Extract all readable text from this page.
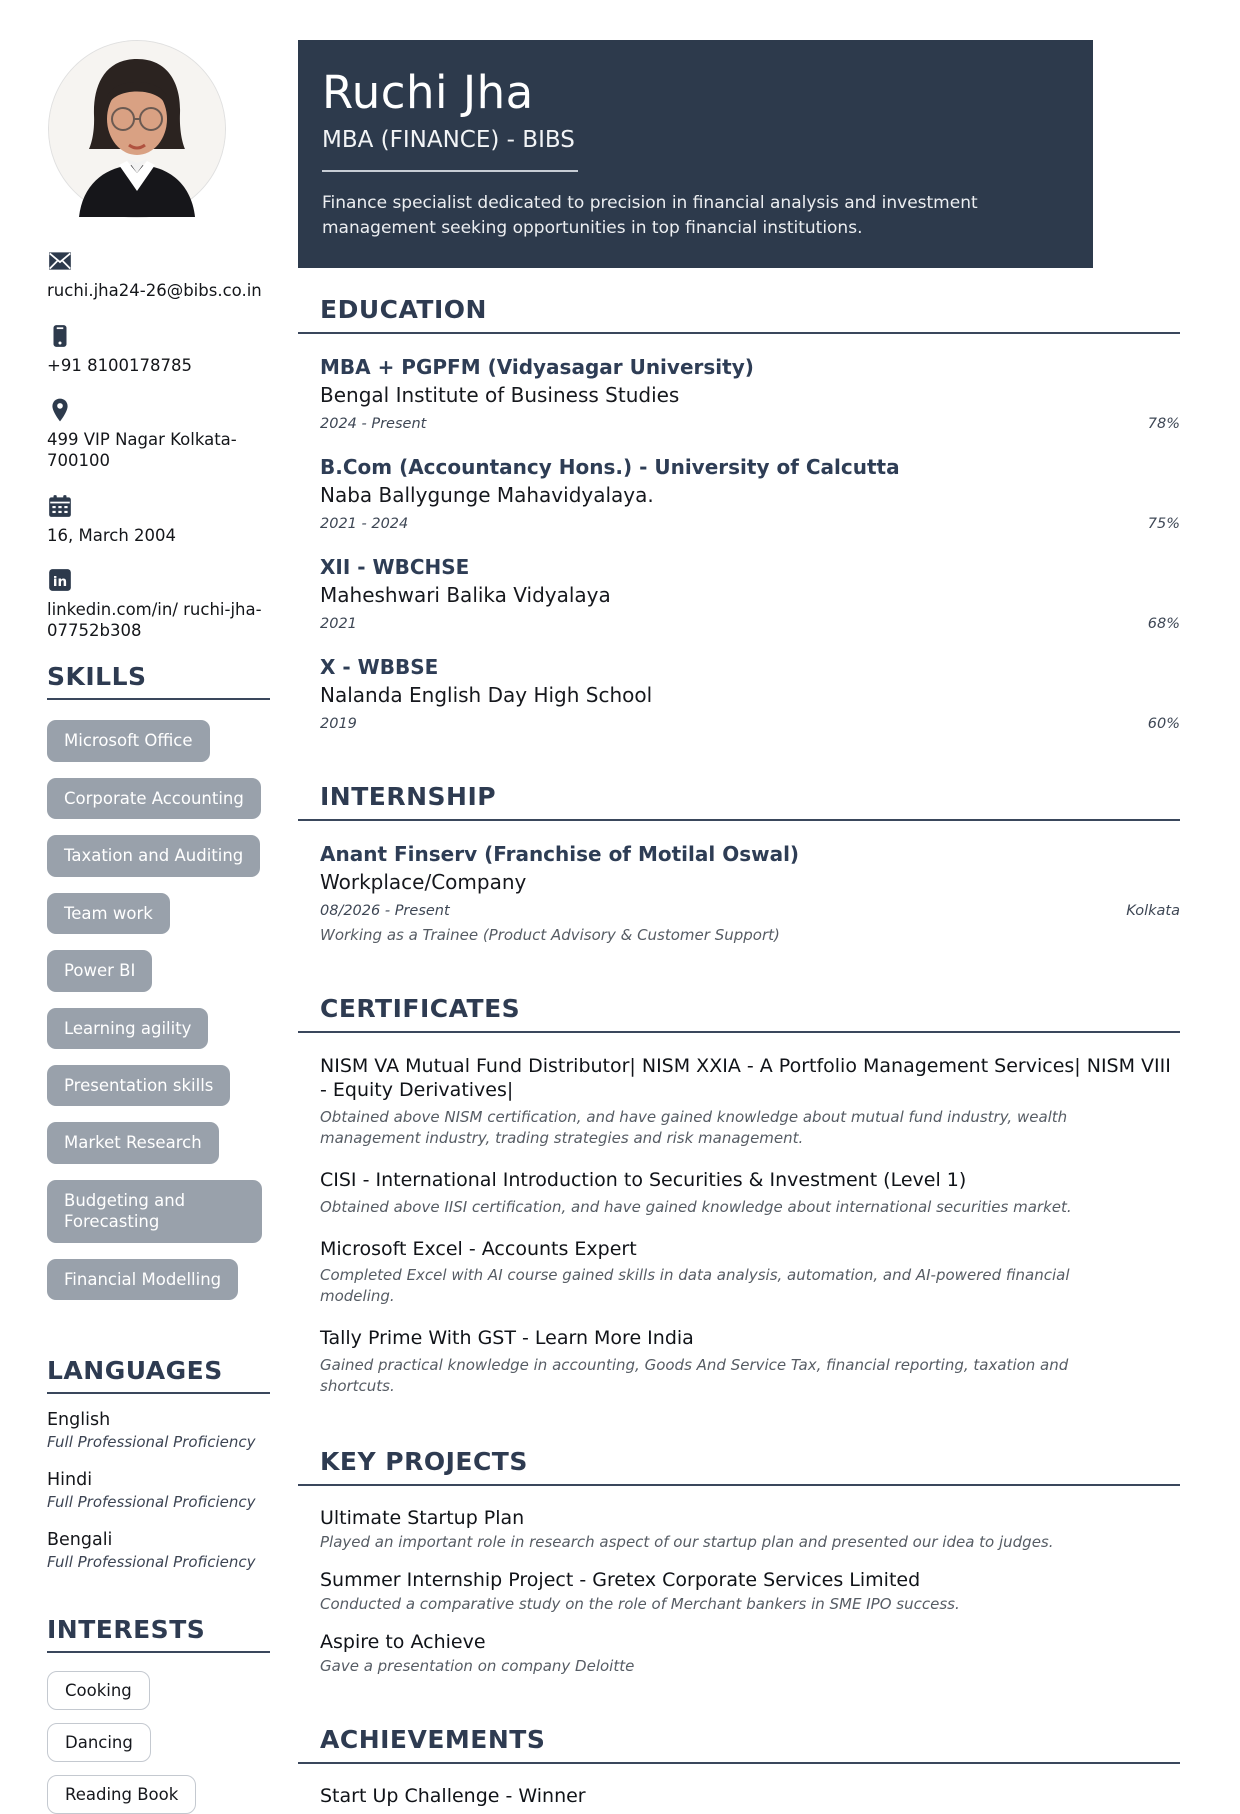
ruchi.jha24-26@bibs.co.in
+91 8100178785
499 VIP Nagar Kolkata-700100
16, March 2004
in
linkedin.com/in/ ruchi-jha-07752b308
SKILLS
Microsoft Office
Corporate Accounting
Taxation and Auditing
Team work
Power BI
Learning agility
Presentation skills
Market Research
Budgeting and Forecasting
Financial Modelling
LANGUAGES
English
Full Professional Proficiency
Hindi
Full Professional Proficiency
Bengali
Full Professional Proficiency
INTERESTS
Cooking
Dancing
Reading Book
Ruchi Jha
MBA (FINANCE) - BIBS

Finance specialist dedicated to precision in financial analysis and investment management seeking opportunities in top financial institutions.

EDUCATION
MBA + PGPFM (Vidyasagar University)
Bengal Institute of Business Studies
2024 - Present	78%
B.Com (Accountancy Hons.) - University of Calcutta
Naba Ballygunge Mahavidyalaya.
2021 - 2024	75%
XII - WBCHSE
Maheshwari Balika Vidyalaya
2021	68%
X - WBBSE
Nalanda English Day High School
2019	60%
INTERNSHIP
Anant Finserv (Franchise of Motilal Oswal)
Workplace/Company
08/2026 - Present	Kolkata
Working as a Trainee (Product Advisory & Customer Support)
CERTIFICATES
NISM VA Mutual Fund Distributor| NISM XXIA - A Portfolio Management Services| NISM VIII - Equity Derivatives|
Obtained above NISM certification, and have gained knowledge about mutual fund industry, wealth management industry, trading strategies and risk management.
CISI - International Introduction to Securities & Investment (Level 1)
Obtained above IISI certification, and have gained knowledge about international securities market.
Microsoft Excel - Accounts Expert
Completed Excel with AI course gained skills in data analysis, automation, and AI-powered financial modeling.
Tally Prime With GST - Learn More India
Gained practical knowledge in accounting, Goods And Service Tax, financial reporting, taxation and shortcuts.
KEY PROJECTS
Ultimate Startup Plan
Played an important role in research aspect of our startup plan and presented our idea to judges.
Summer Internship Project - Gretex Corporate Services Limited
Conducted a comparative study on the role of Merchant bankers in SME IPO success.
Aspire to Achieve
Gave a presentation on company Deloitte
ACHIEVEMENTS
Start Up Challenge - Winner
